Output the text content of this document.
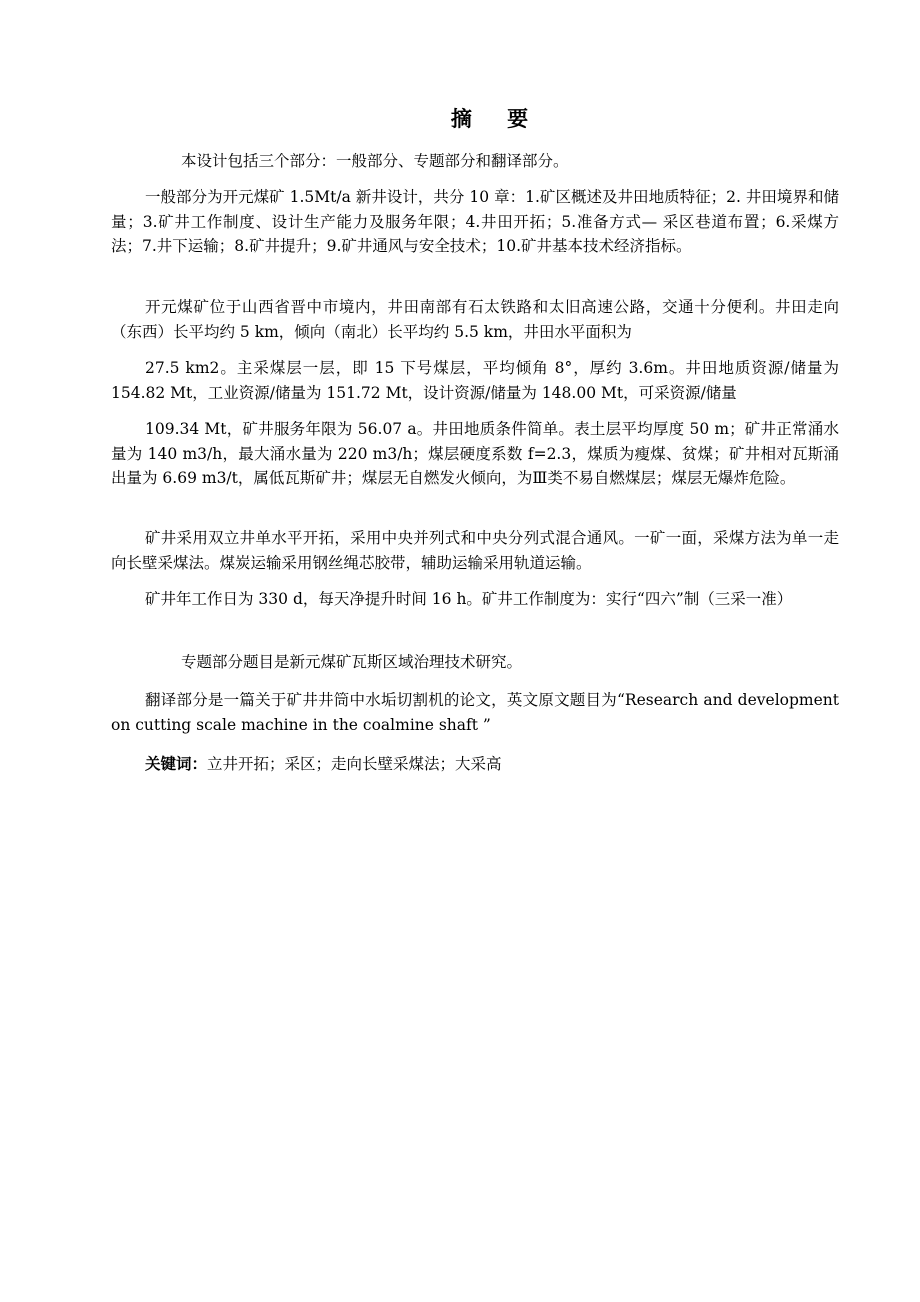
摘 要

本设计包括三个部分：一般部分、专题部分和翻译部分。

一般部分为开元煤矿 1.5Mt/a 新井设计，共分 10 章：1.矿区概述及井田地质特征；2. 井田境界和储量；3.矿井工作制度、设计生产能力及服务年限；4.井田开拓；5.准备方式— 采区巷道布置；6.采煤方法；7.井下运输；8.矿井提升；9.矿井通风与安全技术；10.矿井基本技术经济指标。

开元煤矿位于山西省晋中市境内，井田南部有石太铁路和太旧高速公路，交通十分便利。井田走向（东西）长平均约 5 km，倾向（南北）长平均约 5.5 km，井田水平面积为

27.5 km2。主采煤层一层，即 15 下号煤层，平均倾角 8°，厚约 3.6m。井田地质资源/储量为 154.82 Mt，工业资源/储量为 151.72 Mt，设计资源/储量为 148.00 Mt，可采资源/储量

109.34 Mt，矿井服务年限为 56.07 a。井田地质条件简单。表土层平均厚度 50 m；矿井正常涌水量为 140 m3/h，最大涌水量为 220 m3/h；煤层硬度系数 f=2.3，煤质为瘦煤、贫煤；矿井相对瓦斯涌出量为 6.69 m3/t，属低瓦斯矿井；煤层无自燃发火倾向，为Ⅲ类不易自燃煤层；煤层无爆炸危险。

矿井采用双立井单水平开拓，采用中央并列式和中央分列式混合通风。一矿一面，采煤方法为单一走向长壁采煤法。煤炭运输采用钢丝绳芯胶带，辅助运输采用轨道运输。

矿井年工作日为 330 d，每天净提升时间 16 h。矿井工作制度为：实行“四六”制（三采一准）

专题部分题目是新元煤矿瓦斯区域治理技术研究。

翻译部分是一篇关于矿井井筒中水垢切割机的论文，英文原文题目为“Research and development on cutting scale machine in the coalmine shaft ”

关键词：立井开拓；采区；走向长壁采煤法；大采高
